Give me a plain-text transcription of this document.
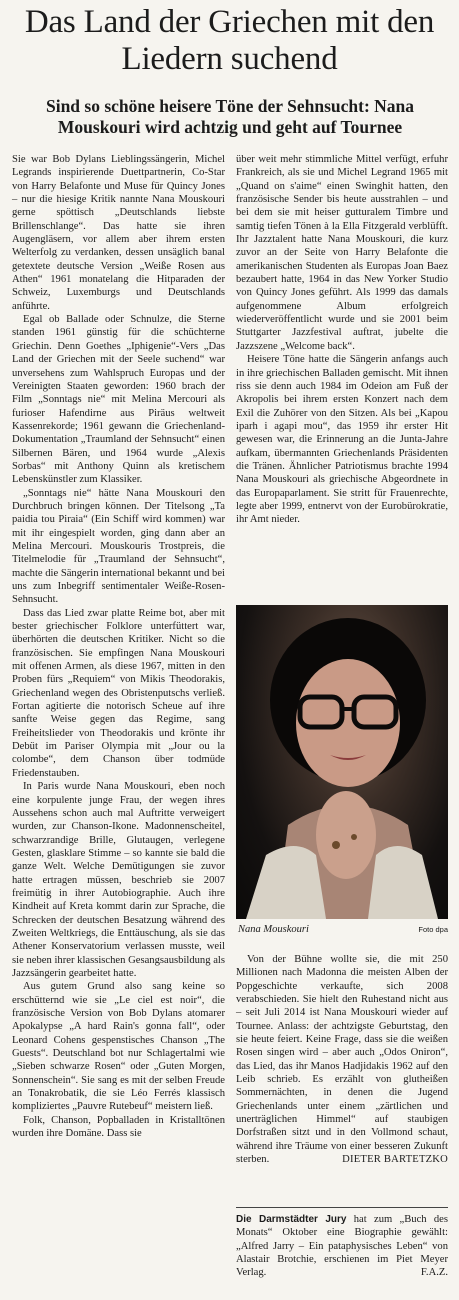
Das Land der Griechen mit den Liedern suchend
Sind so schöne heisere Töne der Sehnsucht: Nana Mouskouri wird achtzig und geht auf Tournee

Sie war Bob Dylans Lieblingssängerin, Michel Legrands inspirierende Duettpartnerin, Co-Star von Harry Belafonte und Muse für Quincy Jones – nur die hiesige Kritik nannte Nana Mouskouri gerne spöttisch „Deutschlands liebste Brillenschlange“. Das hatte sie ihren Augengläsern, vor allem aber ihrem ersten Welterfolg zu verdanken, dessen unsäglich banal getextete deutsche Version „Weiße Rosen aus Athen“ 1961 monatelang die Hitparaden der Schweiz, Luxemburgs und Deutschlands anführte.

Egal ob Ballade oder Schnulze, die Sterne standen 1961 günstig für die schüchterne Griechin. Denn Goethes „Iphigenie“-Vers „Das Land der Griechen mit der Seele suchend“ war unversehens zum Wahlspruch Europas und der Vereinigten Staaten geworden: 1960 brach der Film „Sonntags nie“ mit Melina Mercouri als furioser Hafendirne aus Piräus weltweit Kassenrekorde; 1961 gewann die Griechenland-Dokumentation „Traumland der Sehnsucht“ einen Silbernen Bären, und 1964 wurde „Alexis Sorbas“ mit Anthony Quinn als kretischem Lebenskünstler zum Klassiker.

„Sonntags nie“ hätte Nana Mouskouri den Durchbruch bringen können. Der Titelsong „Ta paidia tou Piraia“ (Ein Schiff wird kommen) war mit ihr eingespielt worden, ging dann aber an Melina Mercouri. Mouskouris Trostpreis, die Titelmelodie für „Traumland der Sehnsucht“, machte die Sängerin international bekannt und bei uns zum Inbegriff sentimentaler Weiße-Rosen-Sehnsucht.

Dass das Lied zwar platte Reime bot, aber mit bester griechischer Folklore unterfüttert war, überhörten die deutschen Kritiker. Nicht so die französischen. Sie empfingen Nana Mouskouri mit offenen Armen, als diese 1967, mitten in den Proben fürs „Requiem“ von Mikis Theodorakis, Griechenland wegen des Obristenputschs verließ. Fortan agitierte die notorisch Scheue auf ihre sanfte Weise gegen das Regime, sang Freiheitslieder von Theodorakis und krönte ihr Debüt im Pariser Olympia mit „Jour ou la colombe“, dem Chanson über todmüde Friedenstauben.

In Paris wurde Nana Mouskouri, eben noch eine korpulente junge Frau, der wegen ihres Aussehens schon auch mal Auftritte verweigert wurden, zur Chanson-Ikone. Madonnenscheitel, schwarzrandige Brille, Glutaugen, verlegene Gesten, glasklare Stimme – so kannte sie bald die ganze Welt. Welche Demütigungen sie zuvor hatte ertragen müssen, beschrieb sie 2007 freimütig in ihrer Autobiographie. Auch ihre Kindheit auf Kreta kommt darin zur Sprache, die Schrecken der deutschen Besatzung während des Zweiten Weltkriegs, die Enttäuschung, als sie das Athener Konservatorium verlassen musste, weil sie neben ihrer klassischen Gesangsausbildung als Jazzsängerin gearbeitet hatte.

Aus gutem Grund also sang keine so erschütternd wie sie „Le ciel est noir“, die französische Version von Bob Dylans atomarer Apokalypse „A hard Rain's gonna fall“, oder Leonard Cohens gespenstisches Chanson „The Guests“. Deutschland bot nur Schlagertalmi wie „Sieben schwarze Rosen“ oder „Guten Morgen, Sonnenschein“. Sie sang es mit der selben Freude an Tonakrobatik, die sie Léo Ferrés klassisch kompliziertes „Pauvre Rutebeuf“ meistern ließ.

Folk, Chanson, Popballaden in Kristalltönen wurden ihre Domäne. Dass sie

über weit mehr stimmliche Mittel verfügt, erfuhr Frankreich, als sie und Michel Legrand 1965 mit „Quand on s'aime“ einen Swinghit hatten, den französische Sender bis heute ausstrahlen – und bei dem sie mit heiser gutturalem Timbre und samtig tiefen Tönen à la Ella Fitzgerald verblüfft. Ihr Jazztalent hatte Nana Mouskouri, die kurz zuvor an der Seite von Harry Belafonte die amerikanischen Studenten als Europas Joan Baez bezaubert hatte, 1964 in das New Yorker Studio von Quincy Jones geführt. Als 1999 das damals aufgenommene Album erfolgreich wiederveröffentlicht wurde und sie 2001 beim Stuttgarter Jazzfestival auftrat, jubelte die Jazzszene „Welcome back“.

Heisere Töne hatte die Sängerin anfangs auch in ihre griechischen Balladen gemischt. Mit ihnen riss sie denn auch 1984 im Odeion am Fuß der Akropolis bei ihrem ersten Konzert nach dem Exil die Zuhörer von den Sitzen. Als bei „Kapou iparh i agapi mou“, das 1959 ihr erster Hit gewesen war, die Erinnerung an die Junta-Jahre aufkam, übermannten Griechenlands Präsidenten die Tränen. Ähnlicher Patriotismus brachte 1994 Nana Mouskouri als griechische Abgeordnete in das Europaparlament. Sie stritt für Frauenrechte, legte aber 1999, entnervt von der Eurobürokratie, ihr Amt nieder.

Nana Mouskouri	Foto dpa

Von der Bühne wollte sie, die mit 250 Millionen nach Madonna die meisten Alben der Popgeschichte verkaufte, sich 2008 verabschieden. Sie hielt den Ruhestand nicht aus – seit Juli 2014 ist Nana Mouskouri wieder auf Tournee. Anlass: der achtzigste Geburtstag, den sie heute feiert. Keine Frage, dass sie die weißen Rosen singen wird – aber auch „Odos Oniron“, das Lied, das ihr Manos Hadjidakis 1962 auf den Leib schrieb. Es erzählt von glutheißen Sommernächten, in denen die Jugend Griechenlands unter einem „zärtlichen und unerträglichen Himmel“ auf staubigen Dorfstraßen sitzt und in den Vollmond schaut, während ihre Träume von einer besseren Zukunft sterben.	DIETER BARTETZKO

Die Darmstädter Jury hat zum „Buch des Monats“ Oktober eine Biographie gewählt: „Alfred Jarry – Ein pataphysisches Leben“ von Alastair Brotchie, erschienen im Piet Meyer Verlag.	F.A.Z.
